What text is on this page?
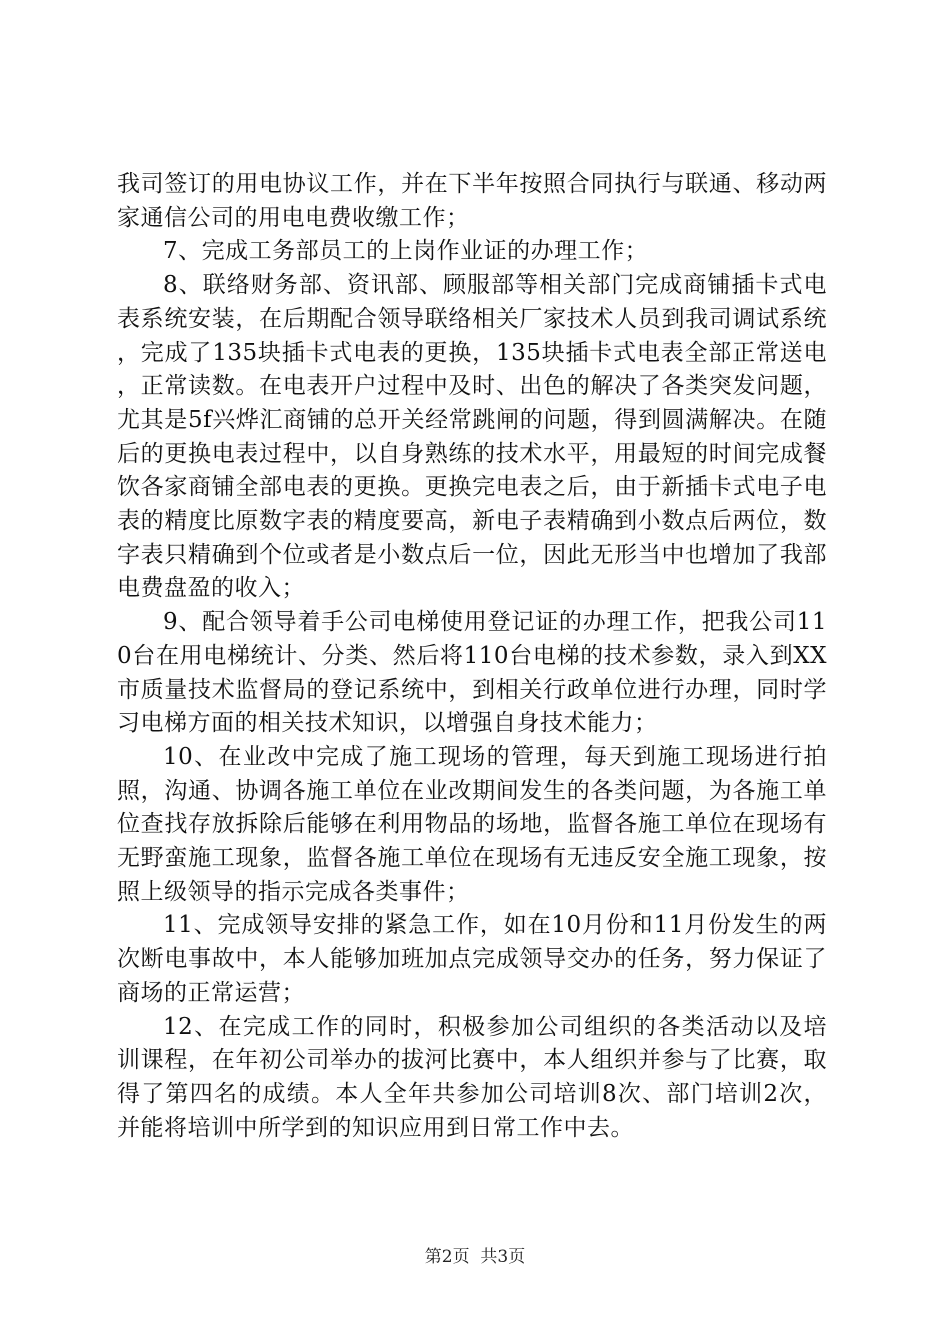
我司签订的用电协议工作，并在下半年按照合同执行与联通、移动两家通信公司的用电电费收缴工作；

7、完成工务部员工的上岗作业证的办理工作；

8、联络财务部、资讯部、顾服部等相关部门完成商铺插卡式电表系统安装，在后期配合领导联络相关厂家技术人员到我司调试系统，完成了135块插卡式电表的更换，135块插卡式电表全部正常送电，正常读数。在电表开户过程中及时、出色的解决了各类突发问题，尤其是5f兴烨汇商铺的总开关经常跳闸的问题，得到圆满解决。在随后的更换电表过程中，以自身熟练的技术水平，用最短的时间完成餐饮各家商铺全部电表的更换。更换完电表之后，由于新插卡式电子电表的精度比原数字表的精度要高，新电子表精确到小数点后两位，数字表只精确到个位或者是小数点后一位，因此无形当中也增加了我部电费盘盈的收入；

9、配合领导着手公司电梯使用登记证的办理工作，把我公司110台在用电梯统计、分类、然后将110台电梯的技术参数，录入到XX市质量技术监督局的登记系统中，到相关行政单位进行办理，同时学习电梯方面的相关技术知识，以增强自身技术能力；

10、在业改中完成了施工现场的管理，每天到施工现场进行拍照，沟通、协调各施工单位在业改期间发生的各类问题，为各施工单位查找存放拆除后能够在利用物品的场地，监督各施工单位在现场有无野蛮施工现象，监督各施工单位在现场有无违反安全施工现象，按照上级领导的指示完成各类事件；

11、完成领导安排的紧急工作，如在10月份和11月份发生的两次断电事故中，本人能够加班加点完成领导交办的任务，努力保证了商场的正常运营；

12、在完成工作的同时，积极参加公司组织的各类活动以及培训课程，在年初公司举办的拔河比赛中，本人组织并参与了比赛，取得了第四名的成绩。本人全年共参加公司培训8次、部门培训2次，并能将培训中所学到的知识应用到日常工作中去。

第2页  共3页
